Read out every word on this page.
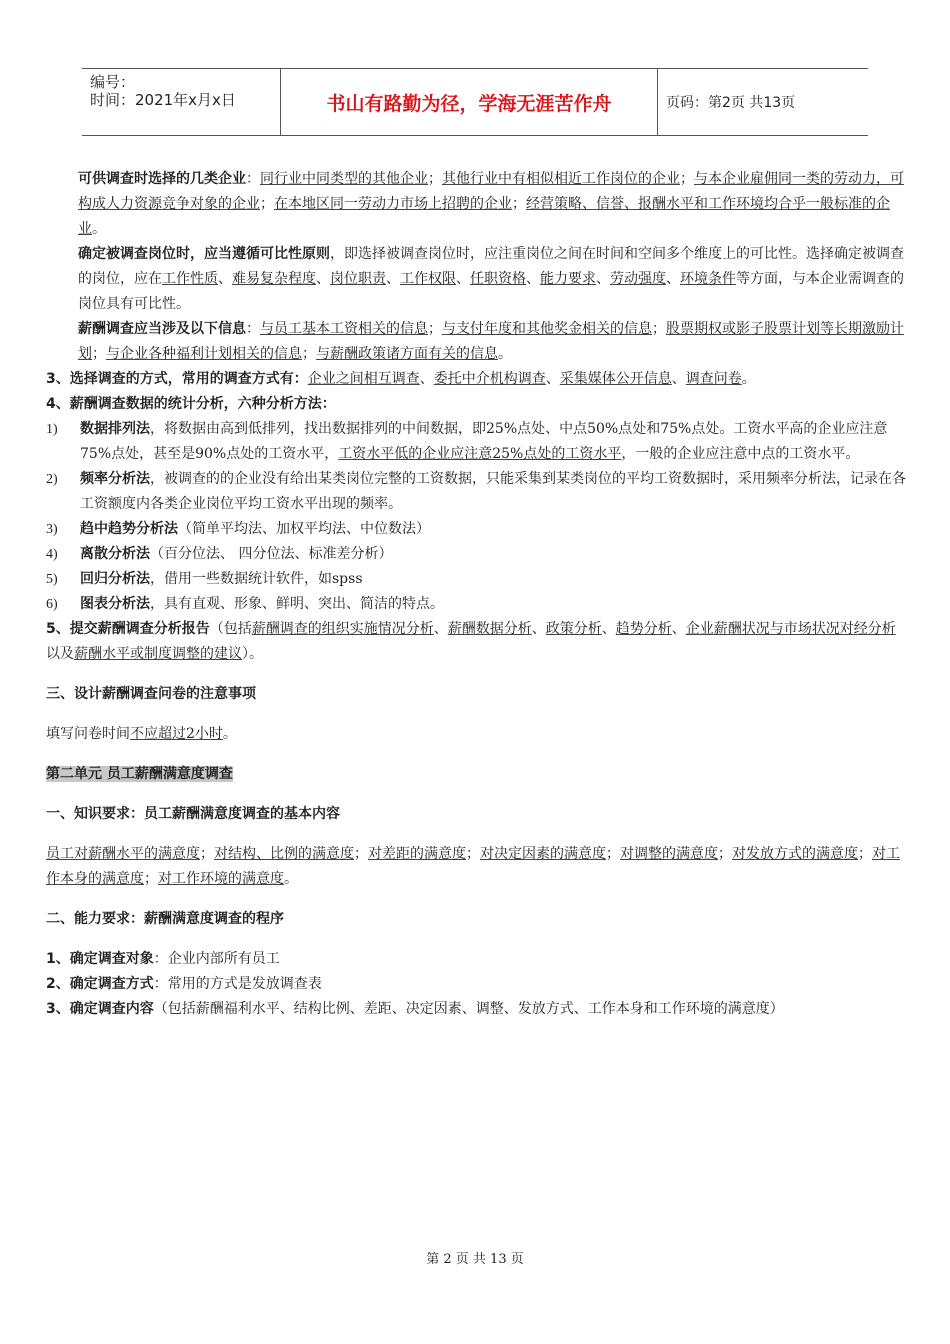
编号：
时间：2021年x月x日	书山有路勤为径，学海无涯苦作舟	页码：第2页 共13页

可供调查时选择的几类企业：同行业中同类型的其他企业；其他行业中有相似相近工作岗位的企业；与本企业雇佣同一类的劳动力，可构成人力资源竞争对象的企业；在本地区同一劳动力市场上招聘的企业；经营策略、信誉、报酬水平和工作环境均合乎一般标准的企业。

确定被调查岗位时，应当遵循可比性原则，即选择被调查岗位时，应注重岗位之间在时间和空间多个维度上的可比性。选择确定被调查的岗位，应在工作性质、难易复杂程度、岗位职责、工作权限、任职资格、能力要求、劳动强度、环境条件等方面，与本企业需调查的岗位具有可比性。

薪酬调查应当涉及以下信息：与员工基本工资相关的信息；与支付年度和其他奖金相关的信息；股票期权或影子股票计划等长期激励计划；与企业各种福利计划相关的信息；与薪酬政策诸方面有关的信息。

3、选择调查的方式，常用的调查方式有：企业之间相互调查、委托中介机构调查、采集媒体公开信息、调查问卷。

4、薪酬调查数据的统计分析，六种分析方法：

1)	数据排列法，将数据由高到低排列，找出数据排列的中间数据，即25%点处、中点50%点处和75%点处。工资水平高的企业应注意75%点处，甚至是90%点处的工资水平，工资水平低的企业应注意25%点处的工资水平，一般的企业应注意中点的工资水平。
2)	频率分析法，被调查的的企业没有给出某类岗位完整的工资数据，只能采集到某类岗位的平均工资数据时，采用频率分析法，记录在各工资额度内各类企业岗位平均工资水平出现的频率。
3)	趋中趋势分析法（简单平均法、加权平均法、中位数法）
4)	离散分析法（百分位法、 四分位法、标准差分析）
5)	回归分析法，借用一些数据统计软件，如spss
6)	图表分析法，具有直观、形象、鲜明、突出、简洁的特点。

5、提交薪酬调查分析报告（包括薪酬调查的组织实施情况分析、薪酬数据分析、政策分析、趋势分析、企业薪酬状况与市场状况对经分析以及薪酬水平或制度调整的建议）。

三、设计薪酬调查问卷的注意事项

填写问卷时间不应超过2小时。

第二单元 员工薪酬满意度调查

一、知识要求：员工薪酬满意度调查的基本内容

员工对薪酬水平的满意度；对结构、比例的满意度；对差距的满意度；对决定因素的满意度；对调整的满意度；对发放方式的满意度；对工作本身的满意度；对工作环境的满意度。

二、能力要求：薪酬满意度调查的程序

1、确定调查对象：企业内部所有员工

2、确定调查方式：常用的方式是发放调查表

3、确定调查内容（包括薪酬福利水平、结构比例、差距、决定因素、调整、发放方式、工作本身和工作环境的满意度）

第 2 页 共 13 页
